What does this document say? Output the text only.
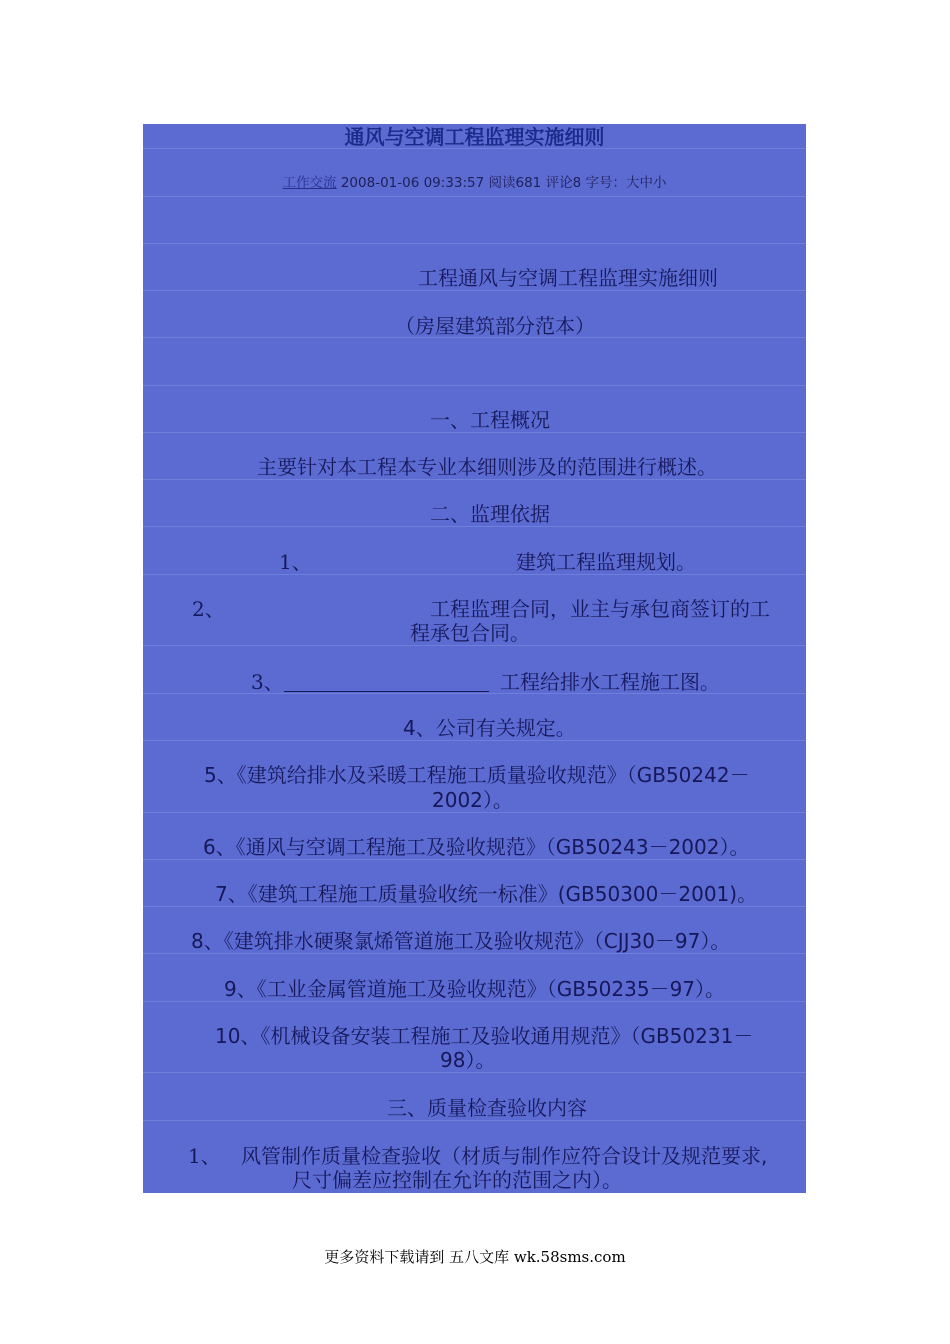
通风与空调工程监理实施细则
工作交流 2008-01-06 09:33:57 阅读681 评论8 字号：大中小
工程通风与空调工程监理实施细则
（房屋建筑部分范本）
一、工程概况
主要针对本工程本专业本细则涉及的范围进行概述。
二、监理依据
1、	建筑工程监理规划。
2、	工程监理合同，业主与承包商签订的工
程承包合同。
3、	工程给排水工程施工图。
4、公司有关规定。
5、《建筑给排水及采暖工程施工质量验收规范》（GB50242－
2002）。
6、《通风与空调工程施工及验收规范》（GB50243－2002）。
7、《建筑工程施工质量验收统一标准》(GB50300－2001)。
8、《建筑排水硬聚氯烯管道施工及验收规范》（CJJ30－97）。
9、《工业金属管道施工及验收规范》（GB50235－97）。
10、《机械设备安装工程施工及验收通用规范》（GB50231－
98）。
三、质量检查验收内容
1、 风管制作质量检查验收（材质与制作应符合设计及规范要求,
尺寸偏差应控制在允许的范围之内）。
更多资料下载请到 五八文库 wk.58sms.com
